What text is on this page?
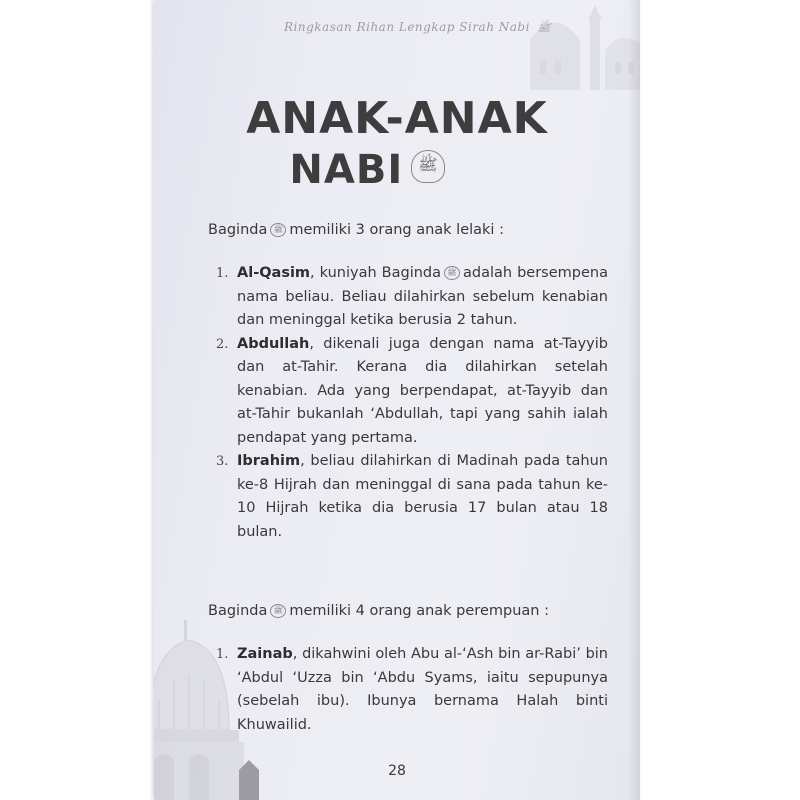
Ringkasan Rihan Lengkap Sirah Nabi ﷺ
ANAK-ANAK
NABI ﷺ
Baginda ﷺ memiliki 3 orang anak lelaki :
1. Al-Qasim, kuniyah Baginda ﷺ adalah bersempena nama beliau. Beliau dilahirkan sebelum kenabian dan meninggal ketika berusia 2 tahun.
2. Abdullah, dikenali juga dengan nama at-Tayyib dan at-Tahir. Kerana dia dilahirkan setelah kenabian. Ada yang berpendapat, at-Tayyib dan at-Tahir bukanlah ‘Abdullah, tapi yang sahih ialah pendapat yang pertama.
3. Ibrahim, beliau dilahirkan di Madinah pada tahun ke-8 Hijrah dan meninggal di sana pada tahun ke-10 Hijrah ketika dia berusia 17 bulan atau 18 bulan.
Baginda ﷺ memiliki 4 orang anak perempuan :
1. Zainab, dikahwini oleh Abu al-‘Ash bin ar-Rabi’ bin ‘Abdul ‘Uzza bin ‘Abdu Syams, iaitu sepupunya (sebelah ibu). Ibunya bernama Halah binti Khuwailid.
28
